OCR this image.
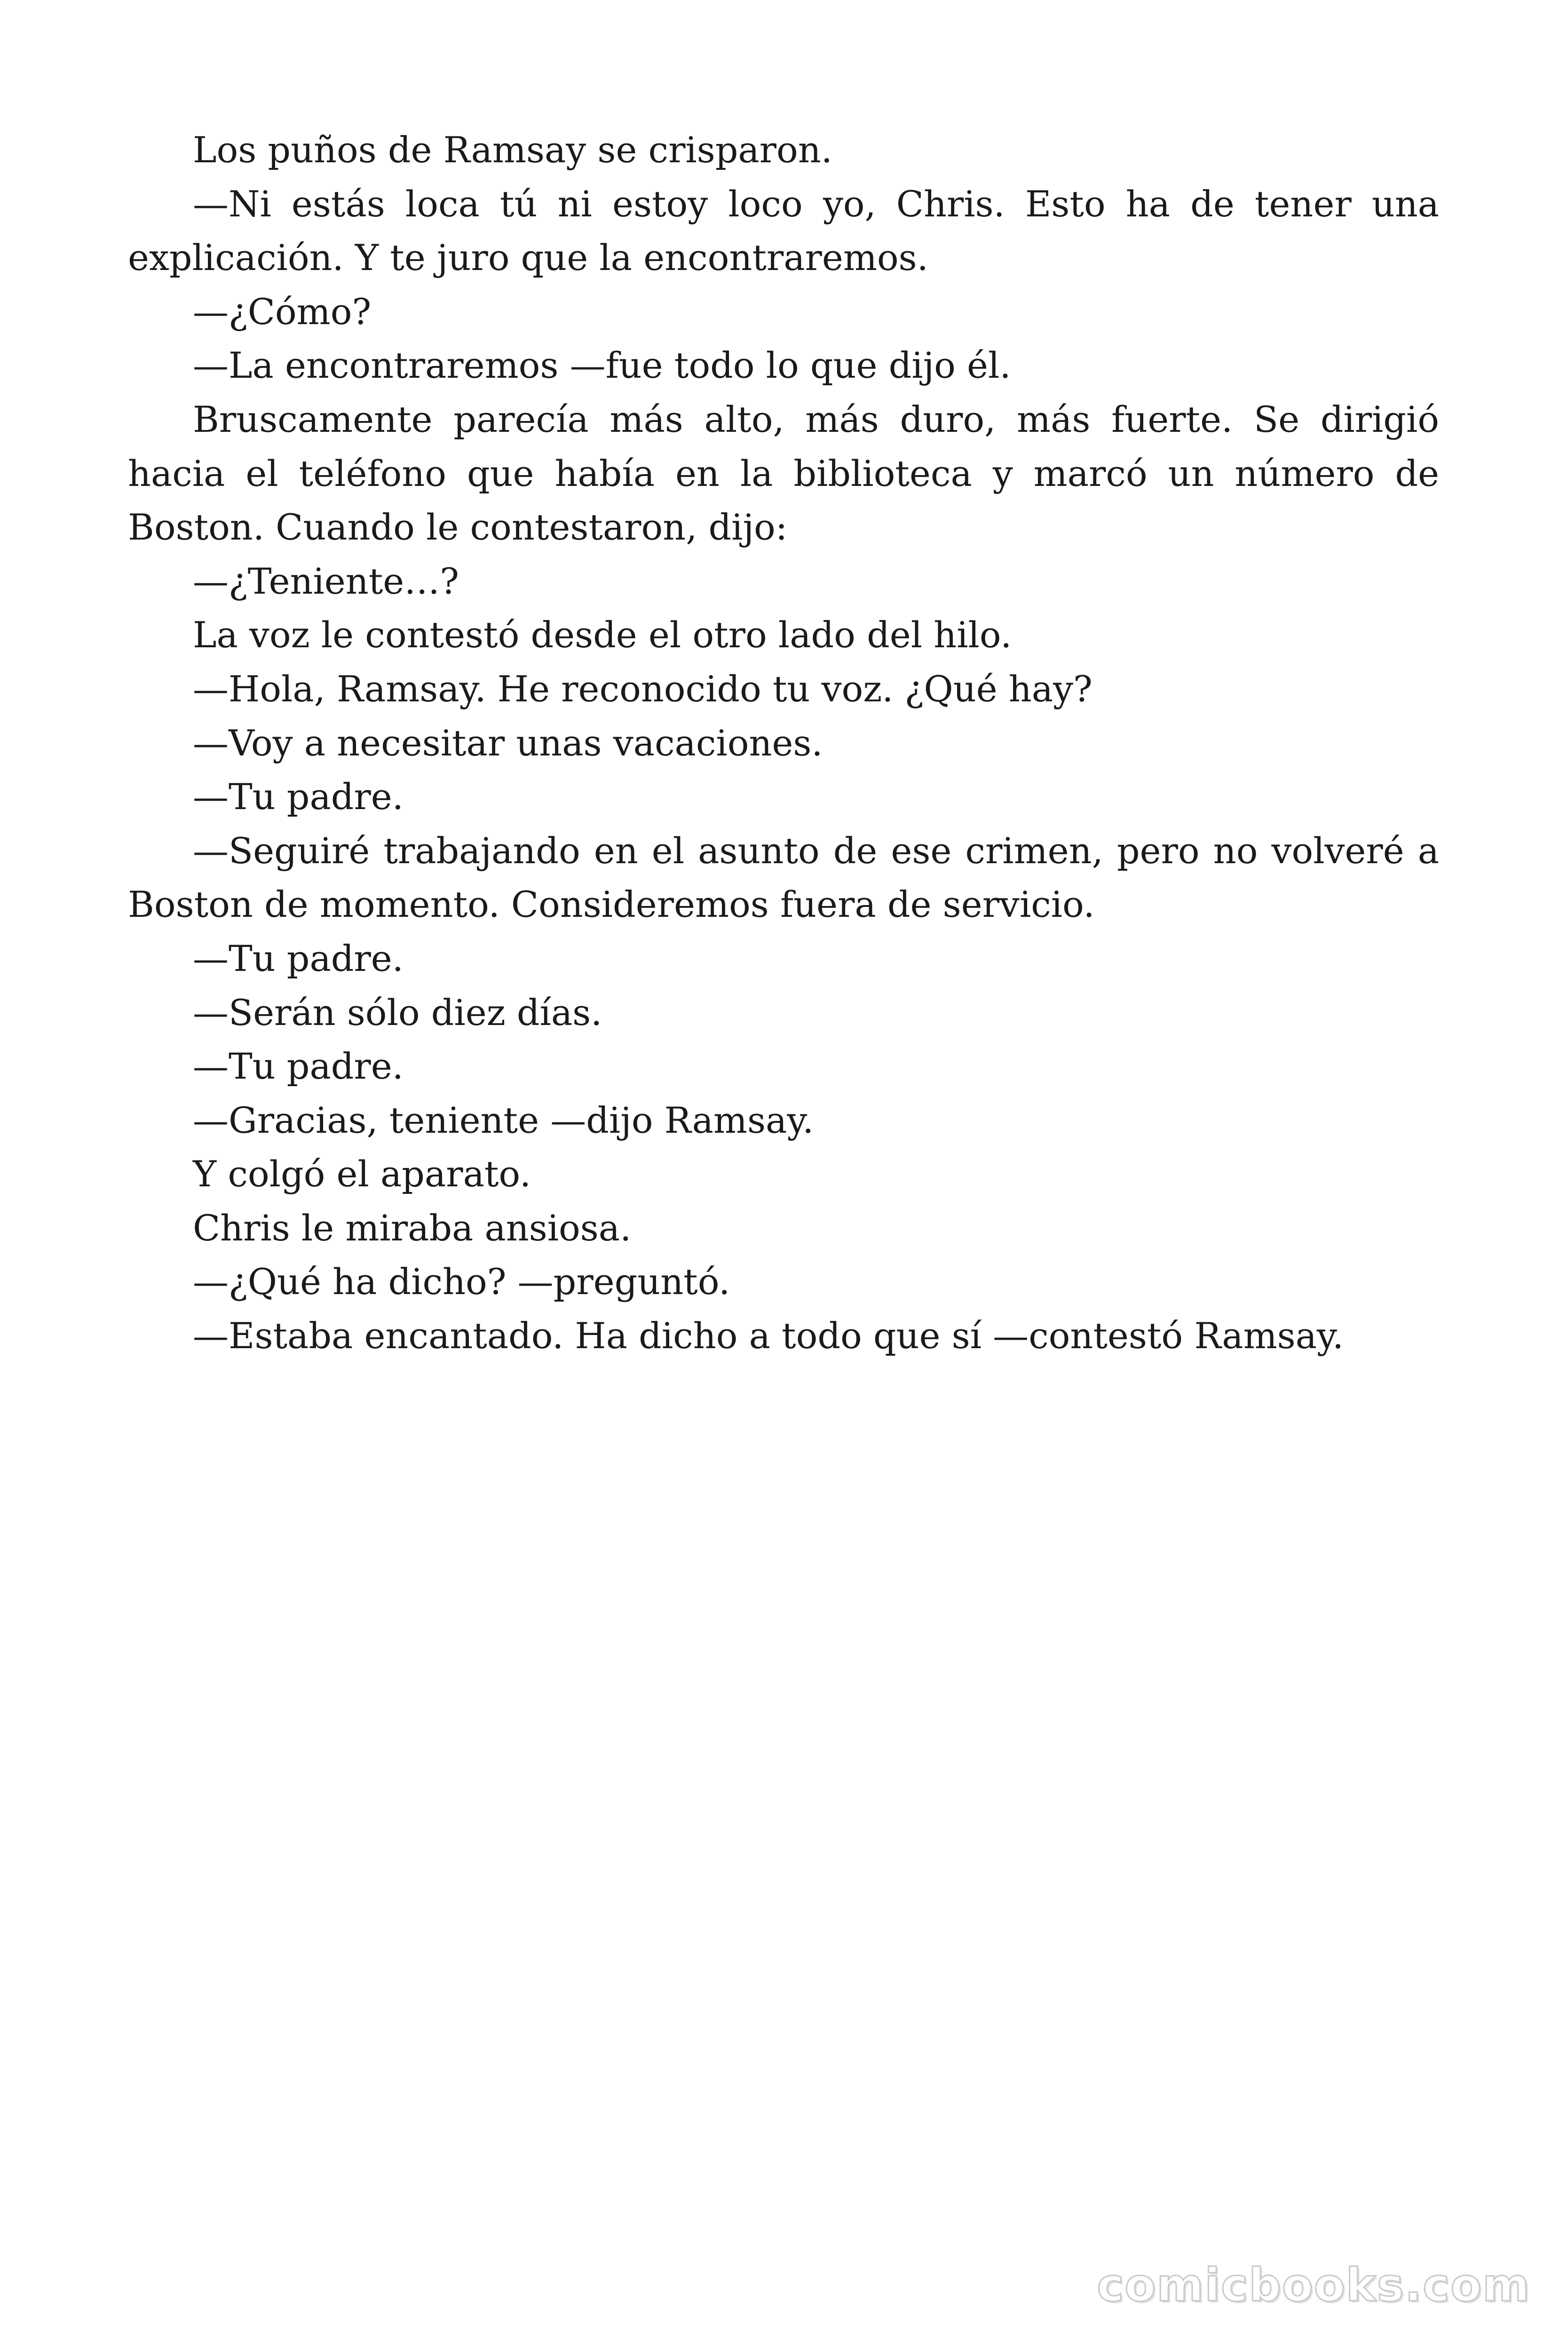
Los puños de Ramsay se crisparon.

—Ni estás loca tú ni estoy loco yo, Chris. Esto ha de tener una explicación. Y te juro que la encontraremos.

—¿Cómo?

—La encontraremos —fue todo lo que dijo él.

Bruscamente parecía más alto, más duro, más fuerte. Se dirigió hacia el teléfono que había en la biblioteca y marcó un número de Boston. Cuando le contestaron, dijo:

—¿Teniente…?

La voz le contestó desde el otro lado del hilo.

—Hola, Ramsay. He reconocido tu voz. ¿Qué hay?

—Voy a necesitar unas vacaciones.

—Tu padre.

—Seguiré trabajando en el asunto de ese crimen, pero no volveré a Boston de momento. Consideremos fuera de servicio.

—Tu padre.

—Serán sólo diez días.

—Tu padre.

—Gracias, teniente —dijo Ramsay.

Y colgó el aparato.

Chris le miraba ansiosa.

—¿Qué ha dicho? —preguntó.

—Estaba encantado. Ha dicho a todo que sí —contestó Ramsay.

comicbooks.com
